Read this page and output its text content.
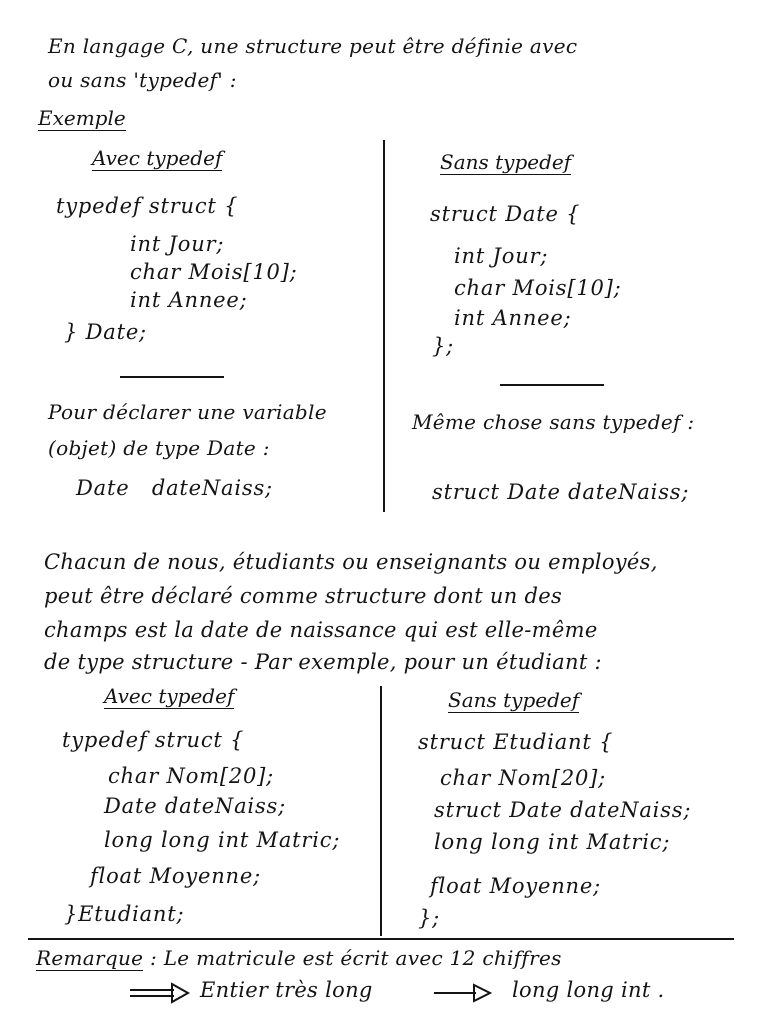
En langage C, une structure peut être définie avec
ou sans 'typedef' :
Exemple
Avec typedef
typedef struct {
int Jour;
char Mois[10];
int Annee;
} Date;
Pour déclarer une variable
(objet) de type Date :
Date   dateNaiss;
Sans typedef
struct Date {
int Jour;
char Mois[10];
int Annee;
};
Même chose sans typedef :
struct Date dateNaiss;
Chacun de nous, étudiants ou enseignants ou employés,
peut être déclaré comme structure dont un des
champs est la date de naissance qui est elle-même
de type structure - Par exemple, pour un étudiant :
Avec typedef
typedef struct {
char Nom[20];
Date dateNaiss;
long long int Matric;
float Moyenne;
}Etudiant;
Sans typedef
struct Etudiant {
char Nom[20];
struct Date dateNaiss;
long long int Matric;
float Moyenne;
};
Remarque : Le matricule est écrit avec 12 chiffres
Entier très long	long long int .
